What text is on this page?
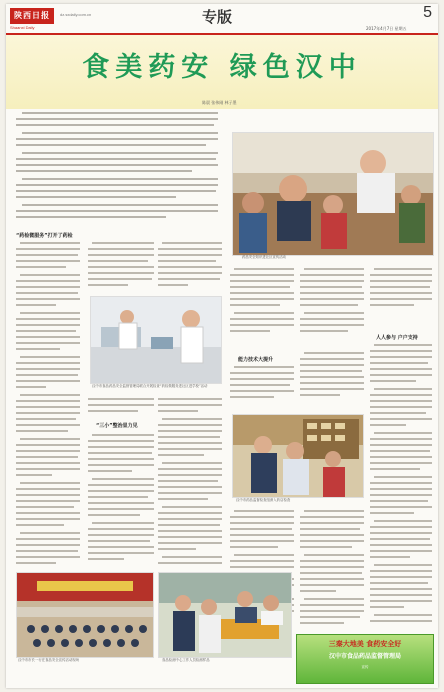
陕西日报
Shaanxi Daily
dz.sxdaily.com.cn	专版
2017年4月7日 星期五
5
食美药安 绿色汉中
陈晨 张伟刚 林子墨
药品安全知识进社区宣传活动
“药检微服务”打开了药检
汉中市食品药品安全监督管理局联合开展检查“药检微服务进社区进学校”活动
“三小”整治显力见
能力技术大提升
人人参与 户户支持
汉中市药品监督检查组深入药店检查
汉中市市长一行在食品安全宣传活动现场	食品检测中心工作人员检测样品
三秦大地美 食药安全好
汉中市食品药品监督管理局
宣传
